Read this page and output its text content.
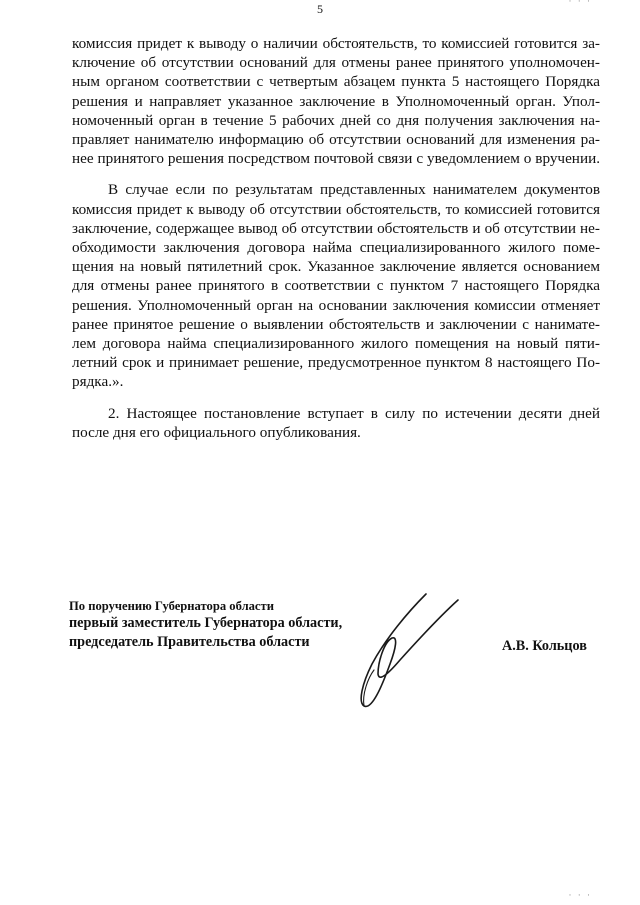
· · ·
5
комиссия придет к выводу о наличии обстоятельств, то комиссией готовится за-
ключение об отсутствии оснований для отмены ранее принятого уполномочен-
ным органом соответствии с четвертым абзацем пункта 5 настоящего Порядка
решения и направляет указанное заключение в Уполномоченный орган. Упол-
номоченный орган в течение 5 рабочих дней со дня получения заключения на-
правляет нанимателю информацию об отсутствии оснований для изменения ра-
нее принятого решения посредством почтовой связи с уведомлением о вручении.
В случае если по результатам представленных нанимателем документов
комиссия придет к выводу об отсутствии обстоятельств, то комиссией готовится
заключение, содержащее вывод об отсутствии обстоятельств и об отсутствии не-
обходимости заключения договора найма специализированного жилого поме-
щения на новый пятилетний срок. Указанное заключение является основанием
для отмены ранее принятого в соответствии с пунктом 7 настоящего Порядка
решения. Уполномоченный орган на основании заключения комиссии отменяет
ранее принятое решение о выявлении обстоятельств и заключении с нанимате-
лем договора найма специализированного жилого помещения на новый пяти-
летний срок и принимает решение, предусмотренное пунктом 8 настоящего По-
рядка.».
2. Настоящее постановление вступает в силу по истечении десяти дней
после дня его официального опубликования.
По поручению Губернатора области
первый заместитель Губернатора области,
председатель Правительства области	А.В. Кольцов
· · ·
